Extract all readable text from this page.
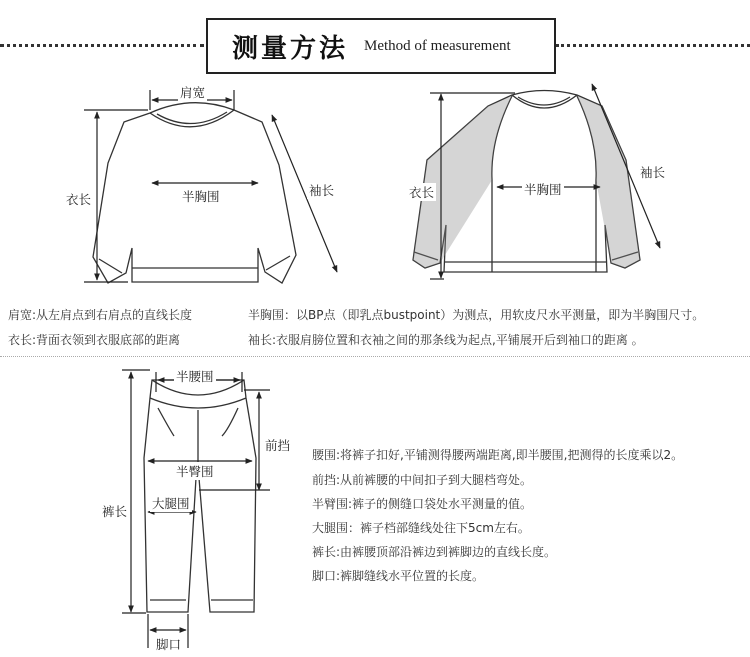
测量方法 Method of measurement
肩宽
衣长	半胸围	袖长	衣长	半胸围
袖长
肩宽:从左肩点到右肩点的直线长度
衣长:背面衣领到衣服底部的距离
半胸围：以BP点（即乳点bustpoint）为测点，用软皮尺水平测量，即为半胸围尺寸。
袖长:衣服肩膀位置和衣袖之间的那条线为起点,平铺展开后到袖口的距离 。
半腰围
前挡
半臀围
大腿围
裤长
脚口
腰围:将裤子扣好,平铺测得腰两端距离,即半腰围,把测得的长度乘以2。
前挡:从前裤腰的中间扣子到大腿档弯处。
半臂围:裤子的侧缝口袋处水平测量的值。
大腿围：裤子档部缝线处往下5cm左右。
裤长:由裤腰顶部沿裤边到裤脚边的直线长度。
脚口:裤脚缝线水平位置的长度。
